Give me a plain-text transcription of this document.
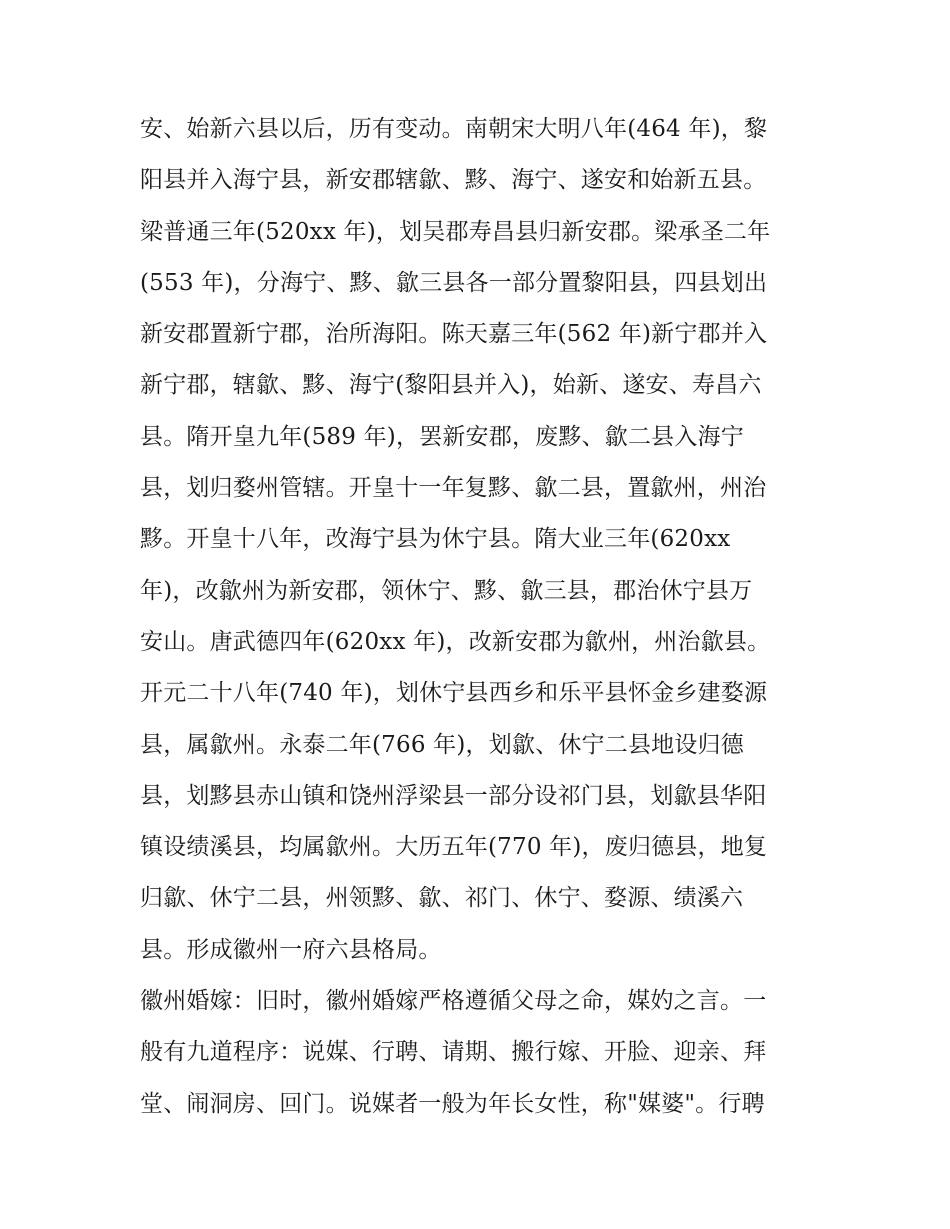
安、始新六县以后，历有变动。南朝宋大明八年(464 年)，黎
阳县并入海宁县，新安郡辖歙、黟、海宁、遂安和始新五县。
梁普通三年(520xx 年)，划吴郡寿昌县归新安郡。梁承圣二年
(553 年)，分海宁、黟、歙三县各一部分置黎阳县，四县划出
新安郡置新宁郡，治所海阳。陈天嘉三年(562 年)新宁郡并入
新宁郡，辖歙、黟、海宁(黎阳县并入)，始新、遂安、寿昌六
县。隋开皇九年(589 年)，罢新安郡，废黟、歙二县入海宁
县，划归婺州管辖。开皇十一年复黟、歙二县，置歙州，州治
黟。开皇十八年，改海宁县为休宁县。隋大业三年(620xx
年)，改歙州为新安郡，领休宁、黟、歙三县，郡治休宁县万
安山。唐武德四年(620xx 年)，改新安郡为歙州，州治歙县。
开元二十八年(740 年)，划休宁县西乡和乐平县怀金乡建婺源
县，属歙州。永泰二年(766 年)，划歙、休宁二县地设归德
县，划黟县赤山镇和饶州浮梁县一部分设祁门县，划歙县华阳
镇设绩溪县，均属歙州。大历五年(770 年)，废归德县，地复
归歙、休宁二县，州领黟、歙、祁门、休宁、婺源、绩溪六
县。形成徽州一府六县格局。
徽州婚嫁：旧时，徽州婚嫁严格遵循父母之命，媒妁之言。一
般有九道程序：说媒、行聘、请期、搬行嫁、开脸、迎亲、拜
堂、闹洞房、回门。说媒者一般为年长女性，称"媒婆"。行聘
